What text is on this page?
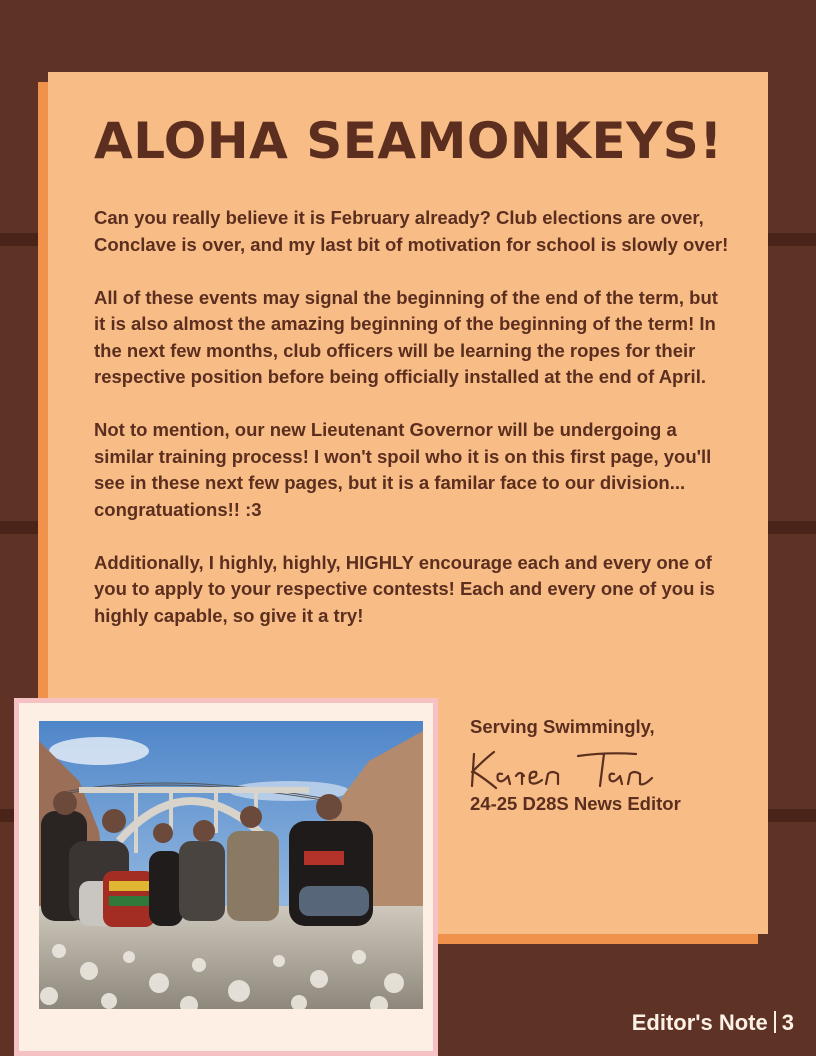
ALOHA SEAMONKEYS!

Can you really believe it is February already? Club elections are over, Conclave is over, and my last bit of motivation for school is slowly over!

All of these events may signal the beginning of the end of the term, but it is also almost the amazing beginning of the beginning of the term! In the next few months, club officers will be learning the ropes for their respective position before being officially installed at the end of April.

Not to mention, our new Lieutenant Governor will be undergoing a similar training process! I won't spoil who it is on this first page, you'll see in these next few pages, but it is a familar face to our division... congratuations!! :3

Additionally, I highly, highly, HIGHLY encourage each and every one of you to apply to your respective contests! Each and every one of you is highly capable, so give it a try!

Serving Swimmingly,
24-25 D28S News Editor
Editor's Note 3
